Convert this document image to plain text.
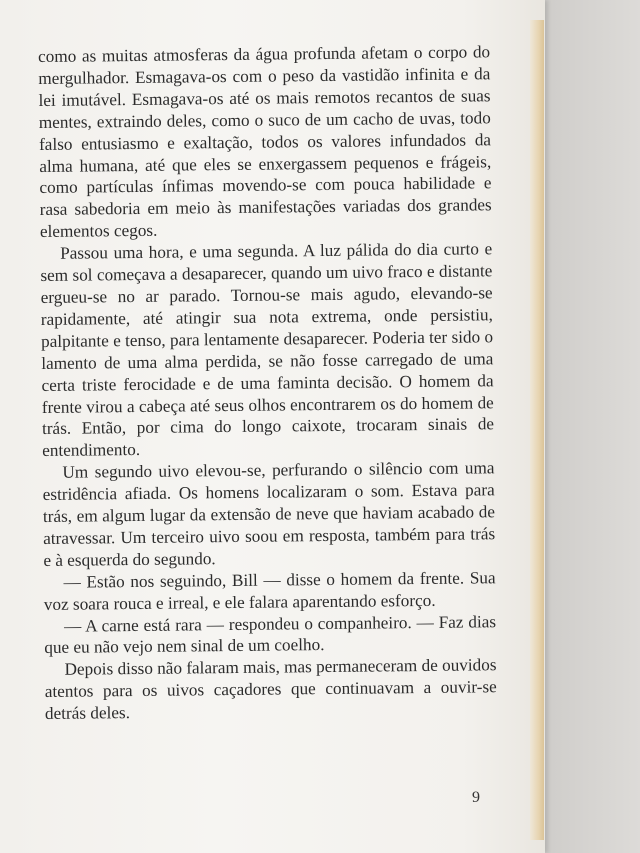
como as muitas atmosferas da água profunda afetam o corpo do mergulhador. Esmagava-os com o peso da vastidão infinita e da lei imutável. Esmagava-os até os mais remotos recantos de suas mentes, extraindo deles, como o suco de um cacho de uvas, todo falso entusiasmo e exaltação, todos os valores infundados da alma humana, até que eles se enxergassem pequenos e frágeis, como partículas ínfimas movendo-se com pouca habilidade e rasa sabedoria em meio às manifestações variadas dos grandes elementos cegos.

Passou uma hora, e uma segunda. A luz pálida do dia curto e sem sol começava a desaparecer, quando um uivo fraco e distante ergueu-se no ar parado. Tornou-se mais agudo, elevando-se rapidamente, até atingir sua nota extrema, onde persistiu, palpitante e tenso, para lentamente desaparecer. Poderia ter sido o lamento de uma alma perdida, se não fosse carregado de uma certa triste ferocidade e de uma faminta decisão. O homem da frente virou a cabeça até seus olhos encontrarem os do homem de trás. Então, por cima do longo caixote, trocaram sinais de entendimento.

Um segundo uivo elevou-se, perfurando o silêncio com uma estridência afiada. Os homens localizaram o som. Estava para trás, em algum lugar da extensão de neve que haviam acabado de atravessar. Um terceiro uivo soou em resposta, também para trás e à esquerda do segundo.

— Estão nos seguindo, Bill — disse o homem da frente. Sua voz soara rouca e irreal, e ele falara aparentando esforço.

— A carne está rara — respondeu o companheiro. — Faz dias que eu não vejo nem sinal de um coelho.

Depois disso não falaram mais, mas permaneceram de ouvidos atentos para os uivos caçadores que continuavam a ouvir-se detrás deles.

9
